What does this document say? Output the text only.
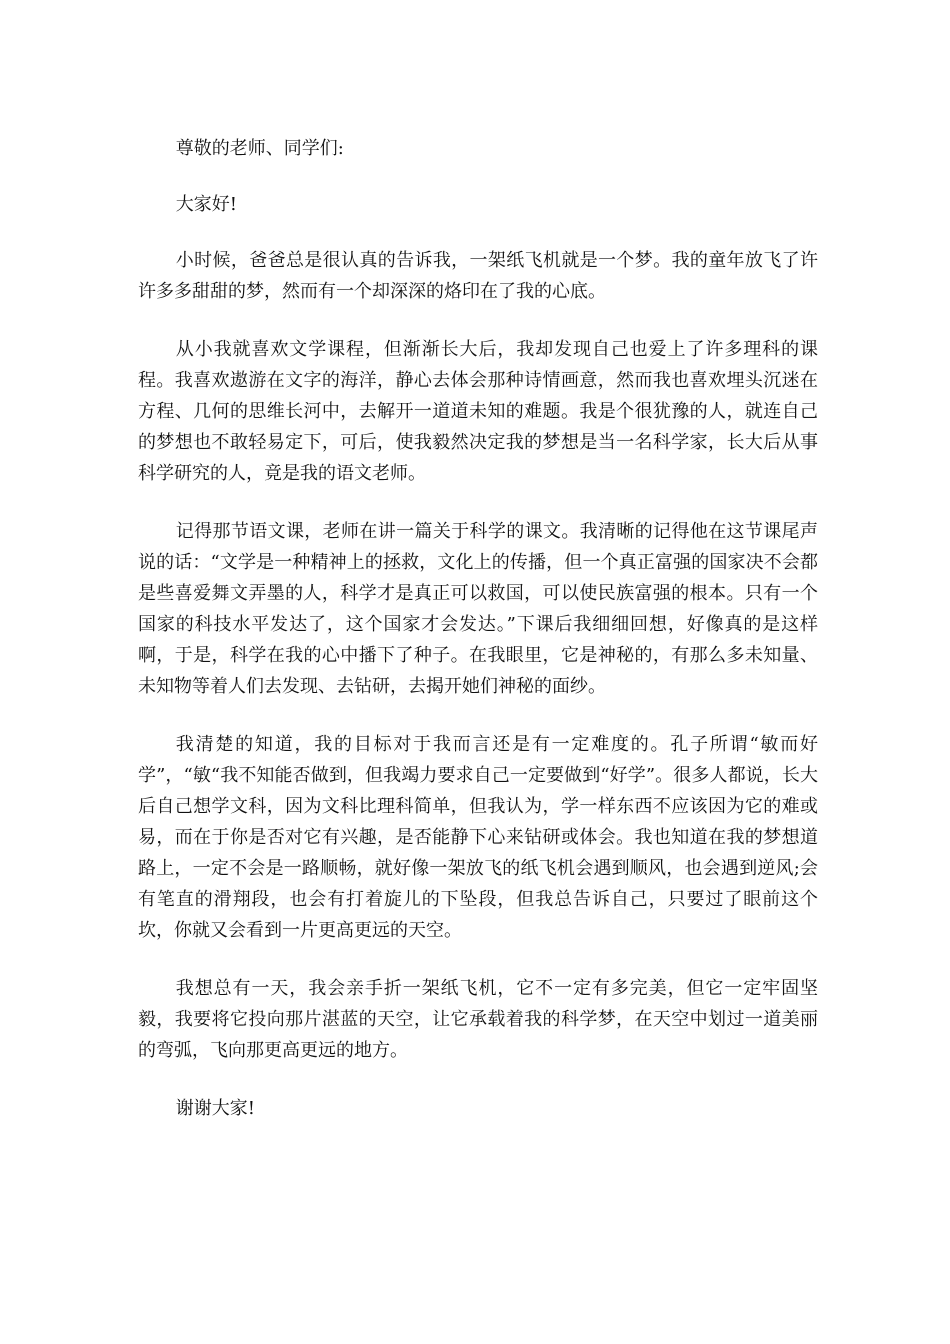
尊敬的老师、同学们:

大家好!

小时候，爸爸总是很认真的告诉我，一架纸飞机就是一个梦。我的童年放飞了许许多多甜甜的梦，然而有一个却深深的烙印在了我的心底。

从小我就喜欢文学课程，但渐渐长大后，我却发现自己也爱上了许多理科的课程。我喜欢遨游在文字的海洋，静心去体会那种诗情画意，然而我也喜欢埋头沉迷在方程、几何的思维长河中，去解开一道道未知的难题。我是个很犹豫的人，就连自己的梦想也不敢轻易定下，可后，使我毅然决定我的梦想是当一名科学家，长大后从事科学研究的人，竟是我的语文老师。

记得那节语文课，老师在讲一篇关于科学的课文。我清晰的记得他在这节课尾声说的话：“文学是一种精神上的拯救，文化上的传播，但一个真正富强的国家决不会都是些喜爱舞文弄墨的人，科学才是真正可以救国，可以使民族富强的根本。只有一个国家的科技水平发达了，这个国家才会发达。”下课后我细细回想，好像真的是这样啊，于是，科学在我的心中播下了种子。在我眼里，它是神秘的，有那么多未知量、未知物等着人们去发现、去钻研，去揭开她们神秘的面纱。

我清楚的知道，我的目标对于我而言还是有一定难度的。孔子所谓“敏而好学”，“敏“我不知能否做到，但我竭力要求自己一定要做到“好学”。很多人都说，长大后自己想学文科，因为文科比理科简单，但我认为，学一样东西不应该因为它的难或易，而在于你是否对它有兴趣，是否能静下心来钻研或体会。我也知道在我的梦想道路上，一定不会是一路顺畅，就好像一架放飞的纸飞机会遇到顺风，也会遇到逆风;会有笔直的滑翔段，也会有打着旋儿的下坠段，但我总告诉自己，只要过了眼前这个坎，你就又会看到一片更高更远的天空。

我想总有一天，我会亲手折一架纸飞机，它不一定有多完美，但它一定牢固坚毅，我要将它投向那片湛蓝的天空，让它承载着我的科学梦，在天空中划过一道美丽的弯弧，飞向那更高更远的地方。

谢谢大家!
